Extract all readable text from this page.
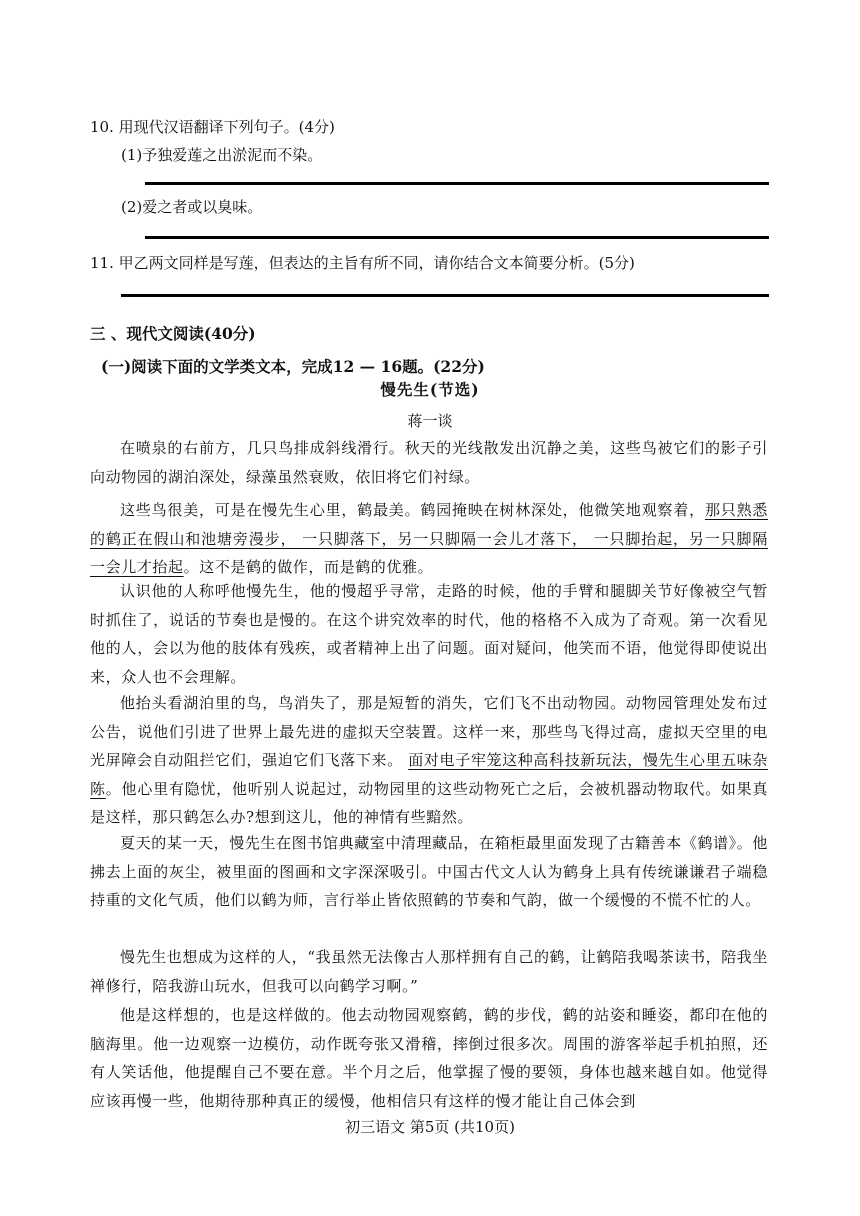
10. 用现代汉语翻译下列句子。(4分)
(1)予独爱莲之出淤泥而不染。
(2)爱之者或以臭味。
11. 甲乙两文同样是写莲，但表达的主旨有所不同，请你结合文本简要分析。(5分)
三 、现代文阅读(40分)
(一)阅读下面的文学类文本，完成12 — 16题。(22分)
慢先生(节选)
蒋一谈

在喷泉的右前方，几只鸟排成斜线滑行。秋天的光线散发出沉静之美，这些鸟被它们的影子引向动物园的湖泊深处，绿藻虽然衰败，依旧将它们衬绿。

这些鸟很美，可是在慢先生心里，鹤最美。鹤园掩映在树林深处，他微笑地观察着，那只熟悉的鹤正在假山和池塘旁漫步， 一只脚落下，另一只脚隔一会儿才落下， 一只脚抬起，另一只脚隔一会儿才抬起。这不是鹤的做作，而是鹤的优雅。

认识他的人称呼他慢先生，他的慢超乎寻常，走路的时候，他的手臂和腿脚关节好像被空气暂时抓住了，说话的节奏也是慢的。在这个讲究效率的时代，他的格格不入成为了奇观。第一次看见他的人，会以为他的肢体有残疾，或者精神上出了问题。面对疑问，他笑而不语，他觉得即使说出来，众人也不会理解。

他抬头看湖泊里的鸟，鸟消失了，那是短暂的消失，它们飞不出动物园。动物园管理处发布过公告，说他们引进了世界上最先进的虚拟天空装置。这样一来，那些鸟飞得过高，虚拟天空里的电光屏障会自动阻拦它们，强迫它们飞落下来。 面对电子牢笼这种高科技新玩法，慢先生心里五味杂陈。他心里有隐忧，他听别人说起过，动物园里的这些动物死亡之后，会被机器动物取代。如果真是这样，那只鹤怎么办?想到这儿，他的神情有些黯然。

夏天的某一天，慢先生在图书馆典藏室中清理藏品，在箱柜最里面发现了古籍善本《鹤谱》。他拂去上面的灰尘，被里面的图画和文字深深吸引。中国古代文人认为鹤身上具有传统谦谦君子端稳持重的文化气质，他们以鹤为师，言行举止皆依照鹤的节奏和气韵，做一个缓慢的不慌不忙的人。

慢先生也想成为这样的人，“我虽然无法像古人那样拥有自己的鹤，让鹤陪我喝茶读书，陪我坐禅修行，陪我游山玩水，但我可以向鹤学习啊。”

他是这样想的，也是这样做的。他去动物园观察鹤，鹤的步伐，鹤的站姿和睡姿，都印在他的脑海里。他一边观察一边模仿，动作既夸张又滑稽，摔倒过很多次。周围的游客举起手机拍照，还有人笑话他，他提醒自己不要在意。半个月之后，他掌握了慢的要领，身体也越来越自如。他觉得应该再慢一些，他期待那种真正的缓慢，他相信只有这样的慢才能让自己体会到

初三语文 第5页 (共10页)
